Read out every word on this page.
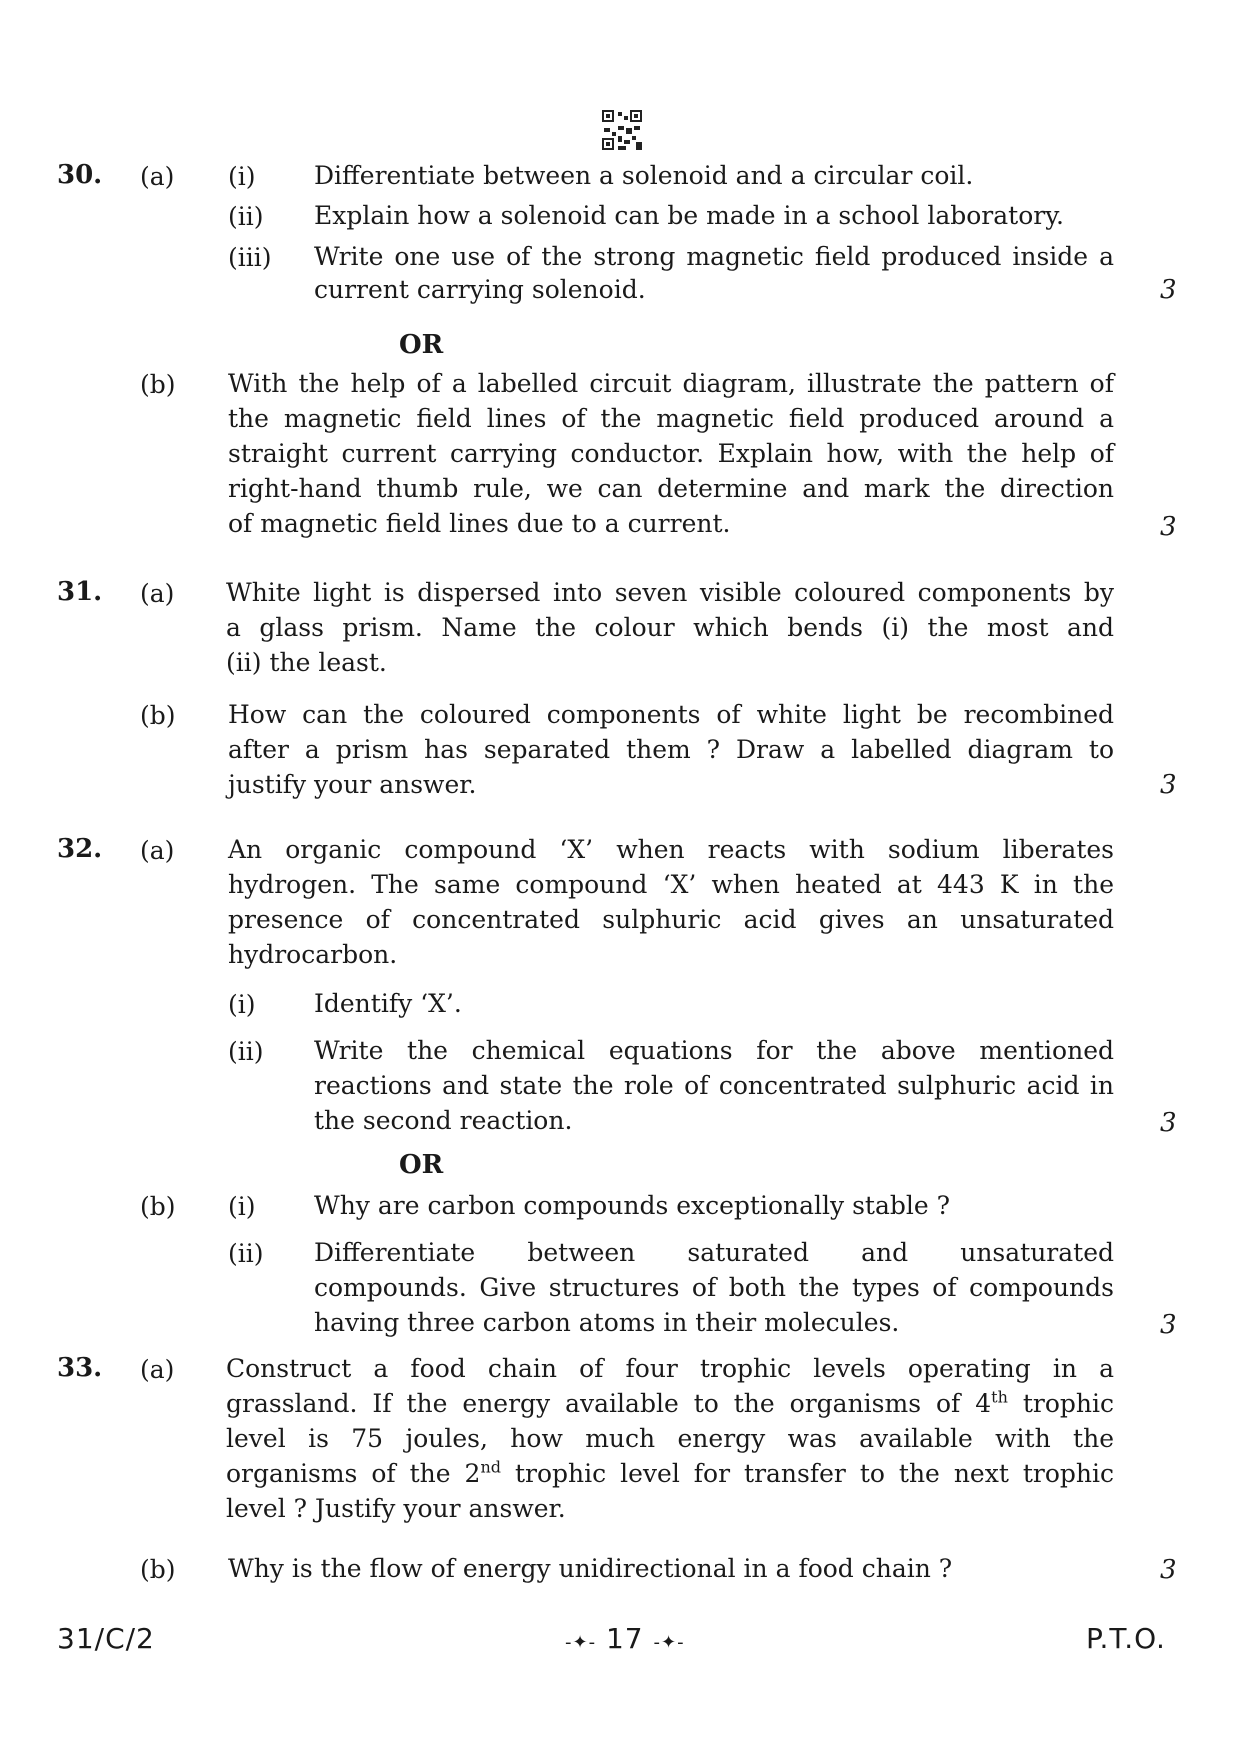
30. (a) (i) Differentiate between a solenoid and a circular coil.
(ii) Explain how a solenoid can be made in a school laboratory.
(iii) Write one use of the strong magnetic field produced inside a
current carrying solenoid.	3
OR
(b) With the help of a labelled circuit diagram, illustrate the pattern of
the magnetic field lines of the magnetic field produced around a
straight current carrying conductor. Explain how, with the help of
right-hand thumb rule, we can determine and mark the direction
of magnetic field lines due to a current.	3
31. (a) White light is dispersed into seven visible coloured components by
a glass prism. Name the colour which bends (i) the most and
(ii) the least.
(b) How can the coloured components of white light be recombined
after a prism has separated them ? Draw a labelled diagram to
justify your answer.	3
32. (a) An organic compound ‘X’ when reacts with sodium liberates
hydrogen. The same compound ‘X’ when heated at 443 K in the
presence of concentrated sulphuric acid gives an unsaturated
hydrocarbon.
(i) Identify ‘X’.
(ii) Write the chemical equations for the above mentioned
reactions and state the role of concentrated sulphuric acid in
the second reaction.	3
OR
(b) (i) Why are carbon compounds exceptionally stable ?
(ii) Differentiate between saturated and unsaturated
compounds. Give structures of both the types of compounds
having three carbon atoms in their molecules.	3
33. (a) Construct a food chain of four trophic levels operating in a
grassland. If the energy available to the organisms of 4th trophic
level is 75 joules, how much energy was available with the
organisms of the 2nd trophic level for transfer to the next trophic
level ? Justify your answer.
(b) Why is the flow of energy unidirectional in a food chain ?	3
31/C/2	-✦- 17 -✦-	P.T.O.
